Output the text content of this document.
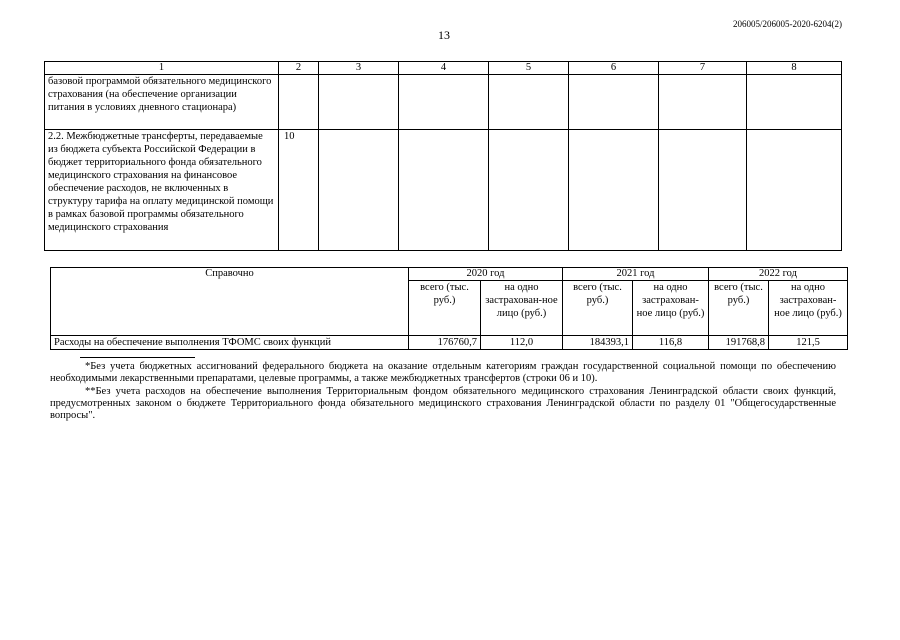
206005/206005-2020-6204(2)
13
1	2	3	4	5	6	7	8
базовой программой обязательного медицинского страхования (на обеспечение организации питания в условиях дневного стационара)							
2.2. Межбюджетные трансферты, передаваемые из бюджета субъекта Российской Федерации в бюджет территориального фонда обязательного медицинского страхования на финансовое обеспечение расходов, не включенных в структуру тарифа на оплату медицинской помощи в рамках базовой программы обязательного медицинского страхования	10						
Справочно	2020 год		2021 год		2022 год	
	всего (тыс. руб.)	на одно застрахован-ное лицо (руб.)	всего (тыс. руб.)	на одно застрахован-ное лицо (руб.)	всего (тыс. руб.)	на одно застрахован-ное лицо (руб.)
Расходы на обеспечение выполнения ТФОМС своих функций	176760,7	112,0	184393,1	116,8	191768,8	121,5
*Без учета бюджетных ассигнований федерального бюджета на оказание отдельным категориям граждан государственной социальной помощи по обеспечению необходимыми лекарственными препаратами, целевые программы, а также межбюджетных трансфертов (строки 06 и 10).
**Без учета расходов на обеспечение выполнения Территориальным фондом обязательного медицинского страхования Ленинградской области своих функций, предусмотренных законом о бюджете Территориального фонда обязательного медицинского страхования Ленинградской области по разделу 01 "Общегосударственные вопросы".
